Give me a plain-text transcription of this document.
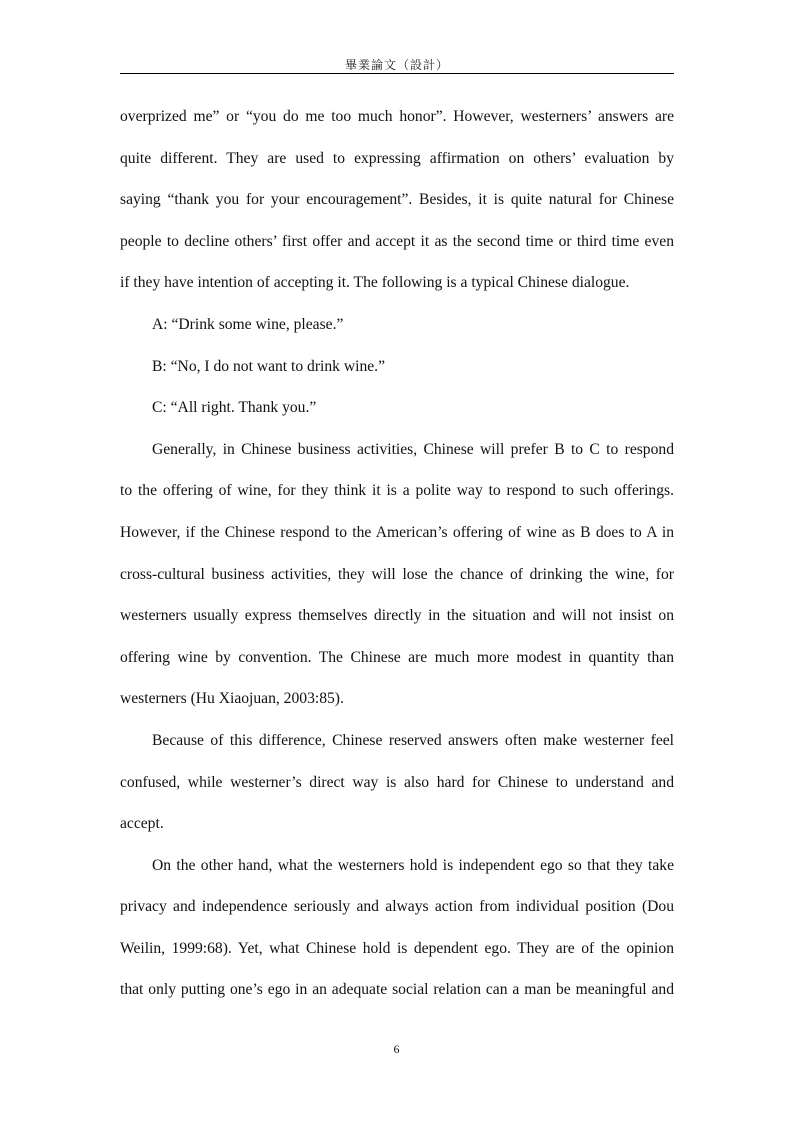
畢業論文（設計）
overprized me” or “you do me too much honor”. However, westerners’ answers are
quite different. They are used to expressing affirmation on others’ evaluation by
saying “thank you for your encouragement”. Besides, it is quite natural for Chinese
people to decline others’ first offer and accept it as the second time or third time even
if they have intention of accepting it. The following is a typical Chinese dialogue.
A: “Drink some wine, please.”
B: “No, I do not want to drink wine.”
C: “All right. Thank you.”
Generally, in Chinese business activities, Chinese will prefer B to C to respond
to the offering of wine, for they think it is a polite way to respond to such offerings.
However, if the Chinese respond to the American’s offering of wine as B does to A in
cross-cultural business activities, they will lose the chance of drinking the wine, for
westerners usually express themselves directly in the situation and will not insist on
offering wine by convention. The Chinese are much more modest in quantity than
westerners (Hu Xiaojuan, 2003:85).
Because of this difference, Chinese reserved answers often make westerner feel
confused, while westerner’s direct way is also hard for Chinese to understand and
accept.
On the other hand, what the westerners hold is independent ego so that they take
privacy and independence seriously and always action from individual position (Dou
Weilin, 1999:68). Yet, what Chinese hold is dependent ego. They are of the opinion
that only putting one’s ego in an adequate social relation can a man be meaningful and
6
